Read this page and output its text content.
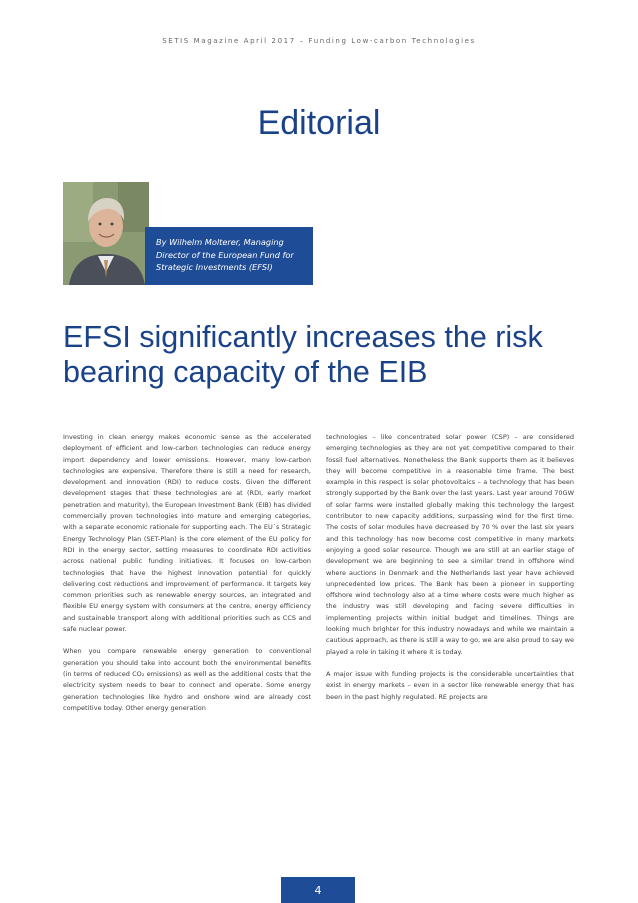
SETIS Magazine April 2017 – Funding Low-carbon Technologies
Editorial
By Wilhelm Molterer, Managing Director of the European Fund for Strategic Investments (EFSI)
EFSI significantly increases the risk bearing capacity of the EIB

Investing in clean energy makes economic sense as the accelerated deployment of efficient and low-carbon technologies can reduce energy import dependency and lower emissions. However, many low-carbon technologies are expensive. Therefore there is still a need for research, development and innovation (RDI) to reduce costs. Given the different development stages that these technologies are at (RDI, early market penetration and maturity), the European Investment Bank (EIB) has divided commercially proven technologies into mature and emerging categories, with a separate economic rationale for supporting each. The EU´s Strategic Energy Technology Plan (SET-Plan) is the core element of the EU policy for RDI in the energy sector, setting measures to coordinate RDI activities across national public funding initiatives. It focuses on low-carbon technologies that have the highest innovation potential for quickly delivering cost reductions and improvement of performance. It targets key common priorities such as renewable energy sources, an integrated and flexible EU energy system with consumers at the centre, energy efficiency and sustainable transport along with additional priorities such as CCS and safe nuclear power.

When you compare renewable energy generation to conventional generation you should take into account both the environmental benefits (in terms of reduced CO₂ emissions) as well as the additional costs that the electricity system needs to bear to connect and operate. Some energy generation technologies like hydro and onshore wind are already cost competitive today. Other energy generation

technologies – like concentrated solar power (CSP) – are considered emerging technologies as they are not yet competitive compared to their fossil fuel alternatives. Nonetheless the Bank supports them as it believes they will become competitive in a reasonable time frame. The best example in this respect is solar photovoltaics – a technology that has been strongly supported by the Bank over the last years. Last year around 70GW of solar farms were installed globally making this technology the largest contributor to new capacity additions, surpassing wind for the first time. The costs of solar modules have decreased by 70 % over the last six years and this technology has now become cost competitive in many markets enjoying a good solar resource. Though we are still at an earlier stage of development we are beginning to see a similar trend in offshore wind where auctions in Denmark and the Netherlands last year have achieved unprecedented low prices. The Bank has been a pioneer in supporting offshore wind technology also at a time where costs were much higher as the industry was still developing and facing severe difficulties in implementing projects within initial budget and timelines. Things are looking much brighter for this industry nowadays and while we maintain a cautious approach, as there is still a way to go, we are also proud to say we played a role in taking it where it is today.

A major issue with funding projects is the considerable uncertainties that exist in energy markets – even in a sector like renewable energy that has been in the past highly regulated. RE projects are

4
